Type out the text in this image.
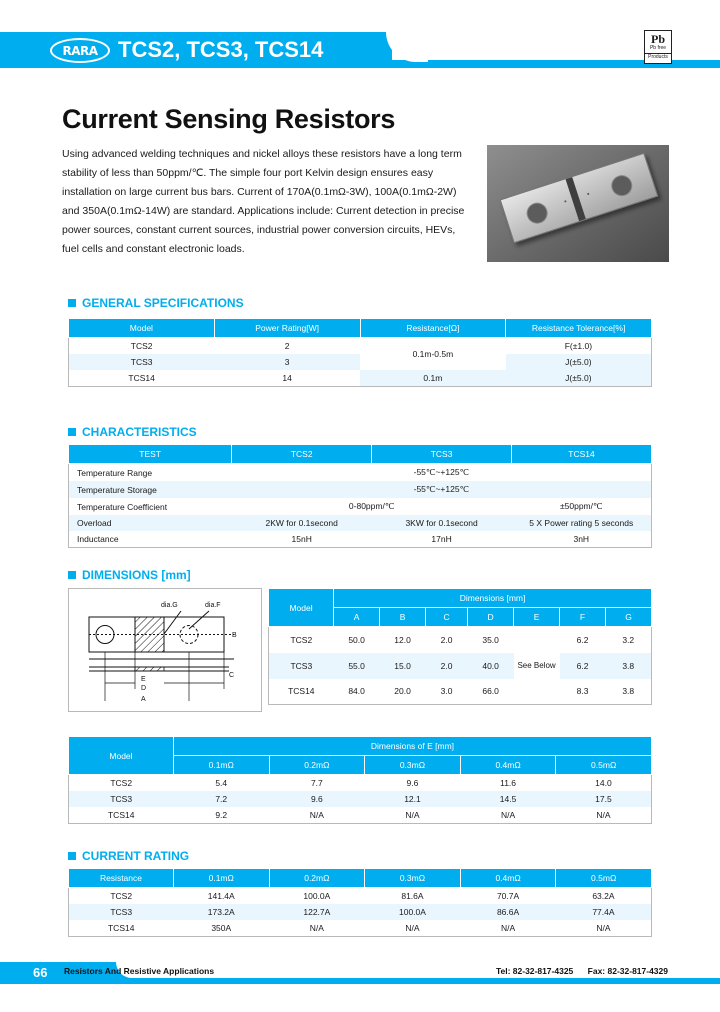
RARA TCS2, TCS3, TCS14	Pb
Pb free
Products
Current Sensing Resistors
Using advanced welding techniques and nickel alloys these resistors have a long term stability of less than 50ppm/℃. The simple four port Kelvin design ensures easy installation on large current bus bars. Current of 170A(0.1mΩ-3W), 100A(0.1mΩ-2W) and 350A(0.1mΩ-14W) are standard. Applications include: Current detection in precise power sources, constant current sources, industrial power conversion circuits, HEVs, fuel cells and constant electronic loads.
GENERAL SPECIFICATIONS
Model	Power Rating[W]	Resistance[Ω]	Resistance Tolerance[%]
TCS2	2	0.1m-0.5m	F(±1.0)
TCS3	3		J(±5.0)
TCS14	14	0.1m	J(±5.0)
CHARACTERISTICS
TEST	TCS2	TCS3	TCS14
Temperature Range	-55℃~+125℃		
Temperature Storage	-55℃~+125℃		
Temperature Coefficient	0-80ppm/℃		±50ppm/℃
Overload	2KW for 0.1second	3KW for 0.1second	5 X Power rating 5 seconds
Inductance	15nH	17nH	3nH
DIMENSIONS [mm]
dia.G	dia.F
E
D
A
B
C
Model	Dimensions [mm]						
	A	B	C	D	E	F	G
TCS2	50.0	12.0	2.0	35.0	See Below	6.2	3.2
TCS3	55.0	15.0	2.0	40.0		6.2	3.8
TCS14	84.0	20.0	3.0	66.0		8.3	3.8
Model	Dimensions of E [mm]				
	0.1mΩ	0.2mΩ	0.3mΩ	0.4mΩ	0.5mΩ
TCS2	5.4	7.7	9.6	11.6	14.0
TCS3	7.2	9.6	12.1	14.5	17.5
TCS14	9.2	N/A	N/A	N/A	N/A
CURRENT RATING
Resistance	0.1mΩ	0.2mΩ	0.3mΩ	0.4mΩ	0.5mΩ
TCS2	141.4A	100.0A	81.6A	70.7A	63.2A
TCS3	173.2A	122.7A	100.0A	86.6A	77.4A
TCS14	350A	N/A	N/A	N/A	N/A
66 Resistors And Resistive Applications	Tel: 82-32-817-4325 Fax: 82-32-817-4329
